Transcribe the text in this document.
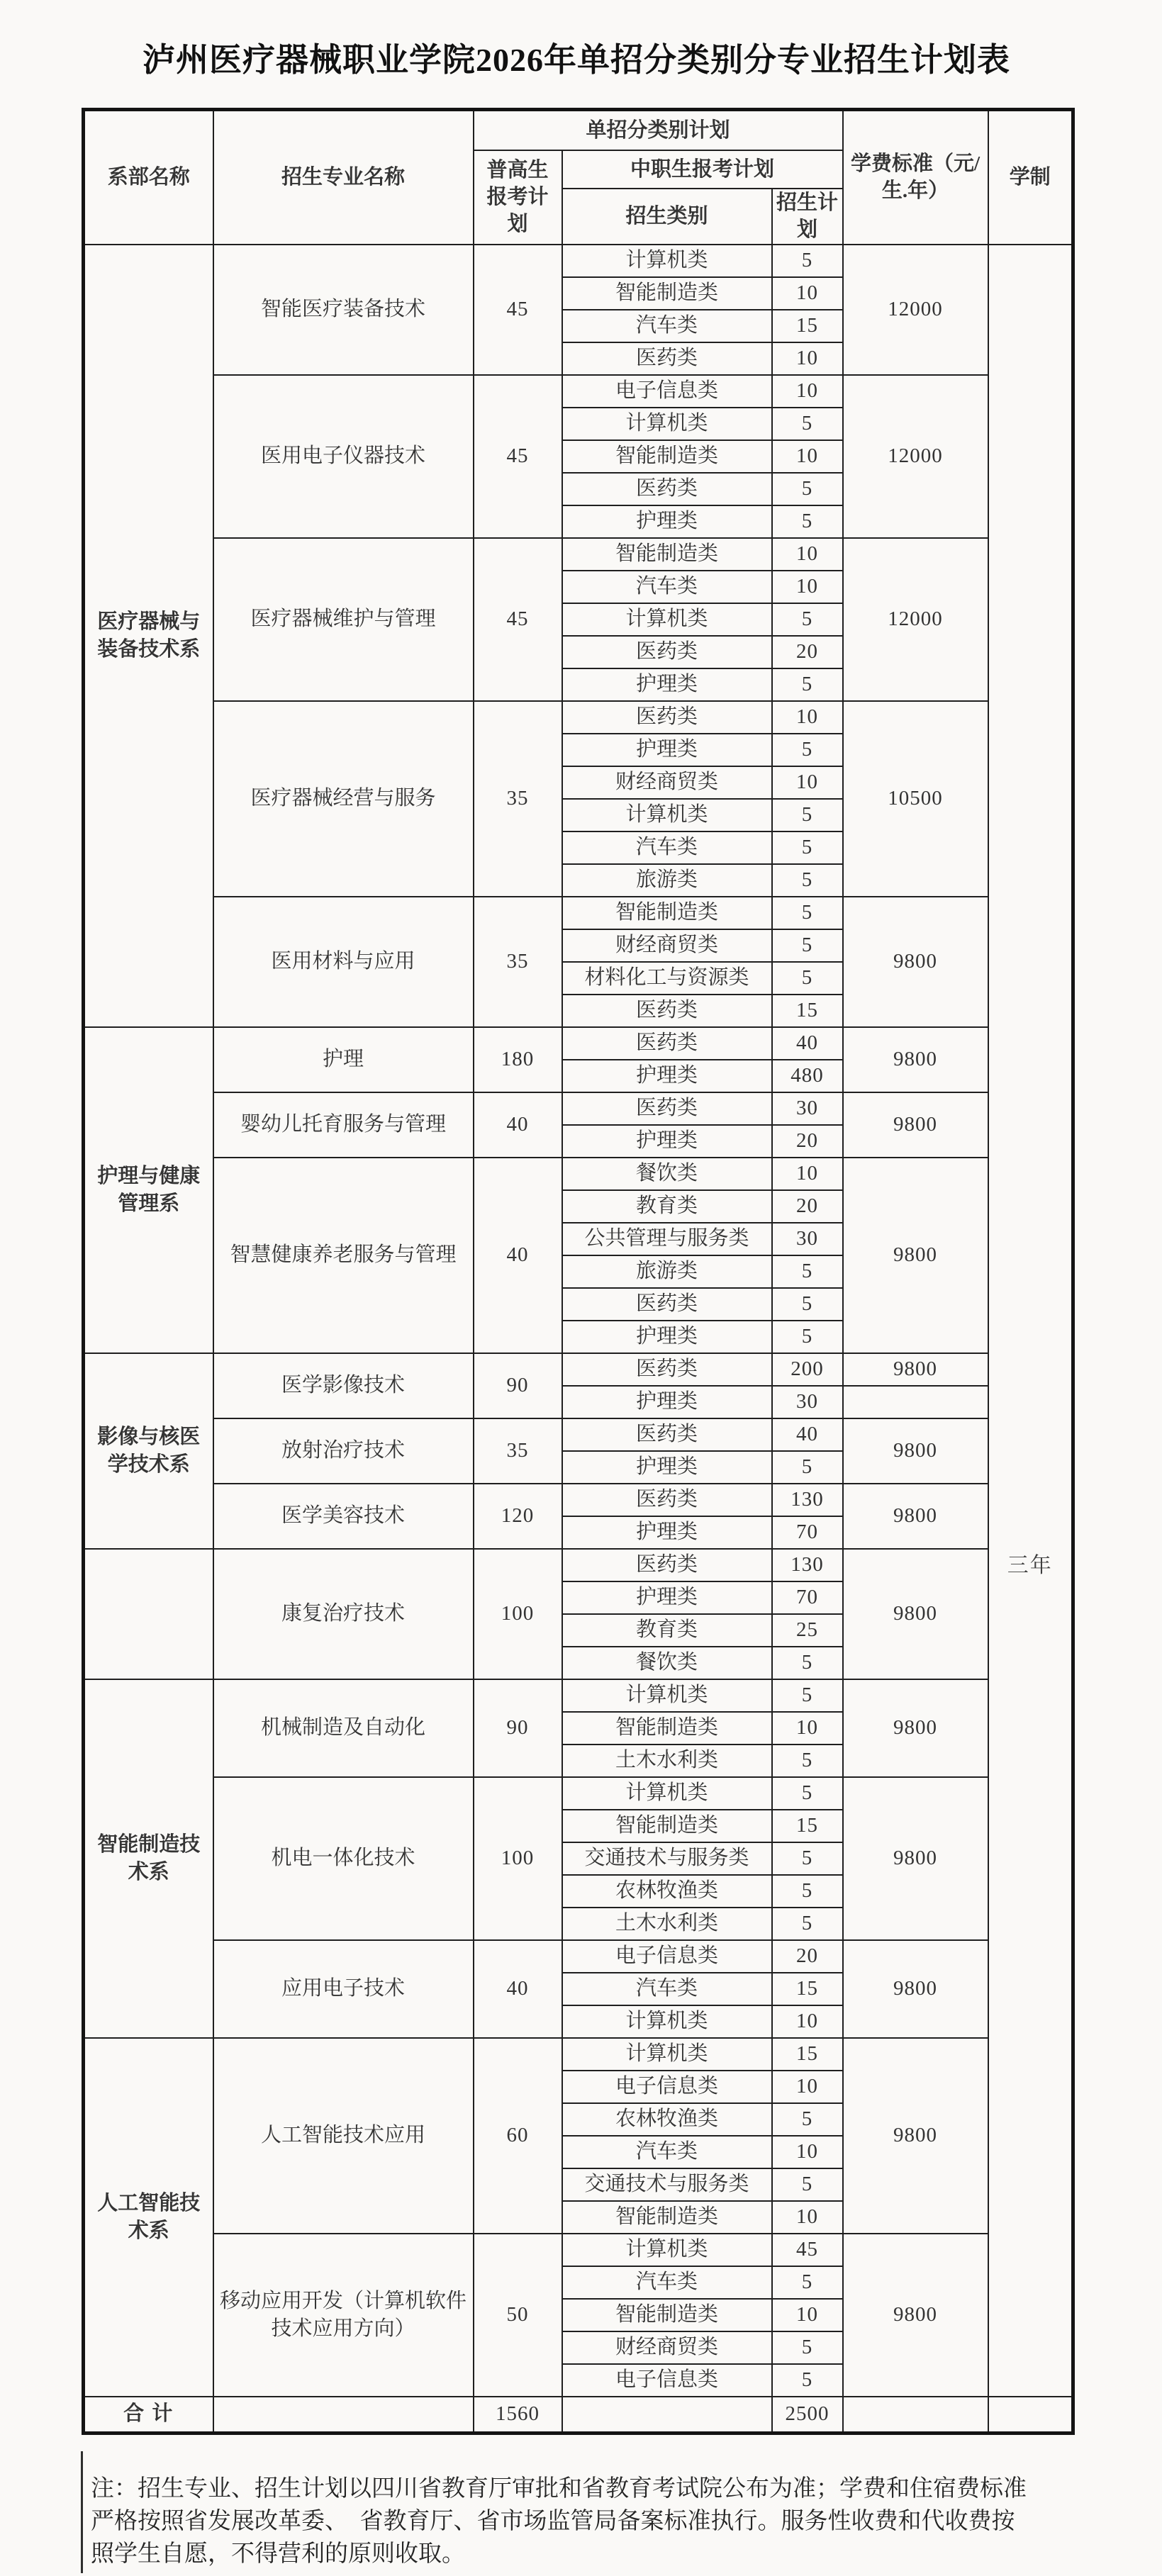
泸州医疗器械职业学院2026年单招分类别分专业招生计划表
系部名称	招生专业名称	单招分类别计划			学费标准（元/生.年）	学制
		普高生报考计划	中职生报考计划			
			招生类别	招生计划		
医疗器械与装备技术系	智能医疗装备技术	45	计算机类	5	12000	三年

			智能制造类	10		
			汽车类	15		
			医药类	10		
	医用电子仪器技术	45	电子信息类	10	12000	
			计算机类	5		
			智能制造类	10		
			医药类	5		
			护理类	5		
	医疗器械维护与管理	45	智能制造类	10	12000	
			汽车类	10		
			计算机类	5		
			医药类	20		
			护理类	5		
	医疗器械经营与服务	35	医药类	10	10500	
			护理类	5		
			财经商贸类	10		
			计算机类	5		
			汽车类	5		
			旅游类	5		
	医用材料与应用	35	智能制造类	5	9800	
			财经商贸类	5		
			材料化工与资源类	5		
			医药类	15		
护理与健康管理系	护理	180	医药类	40	9800	
			护理类	480		
	婴幼儿托育服务与管理	40	医药类	30	9800	
			护理类	20		
	智慧健康养老服务与管理	40	餐饮类	10	9800	
			教育类	20		
			公共管理与服务类	30		
			旅游类	5		
			医药类	5		
			护理类	5		
影像与核医学技术系	医学影像技术	90	医药类	200	9800	
			护理类	30		
	放射治疗技术	35	医药类	40	9800	
			护理类	5		
	医学美容技术	120	医药类	130	9800	
			护理类	70		
	康复治疗技术	100	医药类	130	9800	
			护理类	70		
			教育类	25		
			餐饮类	5		
智能制造技术系	机械制造及自动化	90	计算机类	5	9800	
			智能制造类	10		
			土木水利类	5		
	机电一体化技术	100	计算机类	5	9800	
			智能制造类	15		
			交通技术与服务类	5		
			农林牧渔类	5		
			土木水利类	5		
	应用电子技术	40	电子信息类	20	9800	
			汽车类	15		
			计算机类	10		
人工智能技术系	人工智能技术应用	60	计算机类	15	9800	
			电子信息类	10		
			农林牧渔类	5		
			汽车类	10		
			交通技术与服务类	5		
			智能制造类	10		
	移动应用开发（计算机软件技术应用方向）	50	计算机类	45	9800	
			汽车类	5		
			智能制造类	10		
			财经商贸类	5		
			电子信息类	5		
合 计		1560		2500		
注：招生专业、招生计划以四川省教育厅审批和省教育考试院公布为准；学费和住宿费标准
严格按照省发展改革委、　省教育厅、省市场监管局备案标准执行。服务性收费和代收费按
照学生自愿，不得营利的原则收取。
